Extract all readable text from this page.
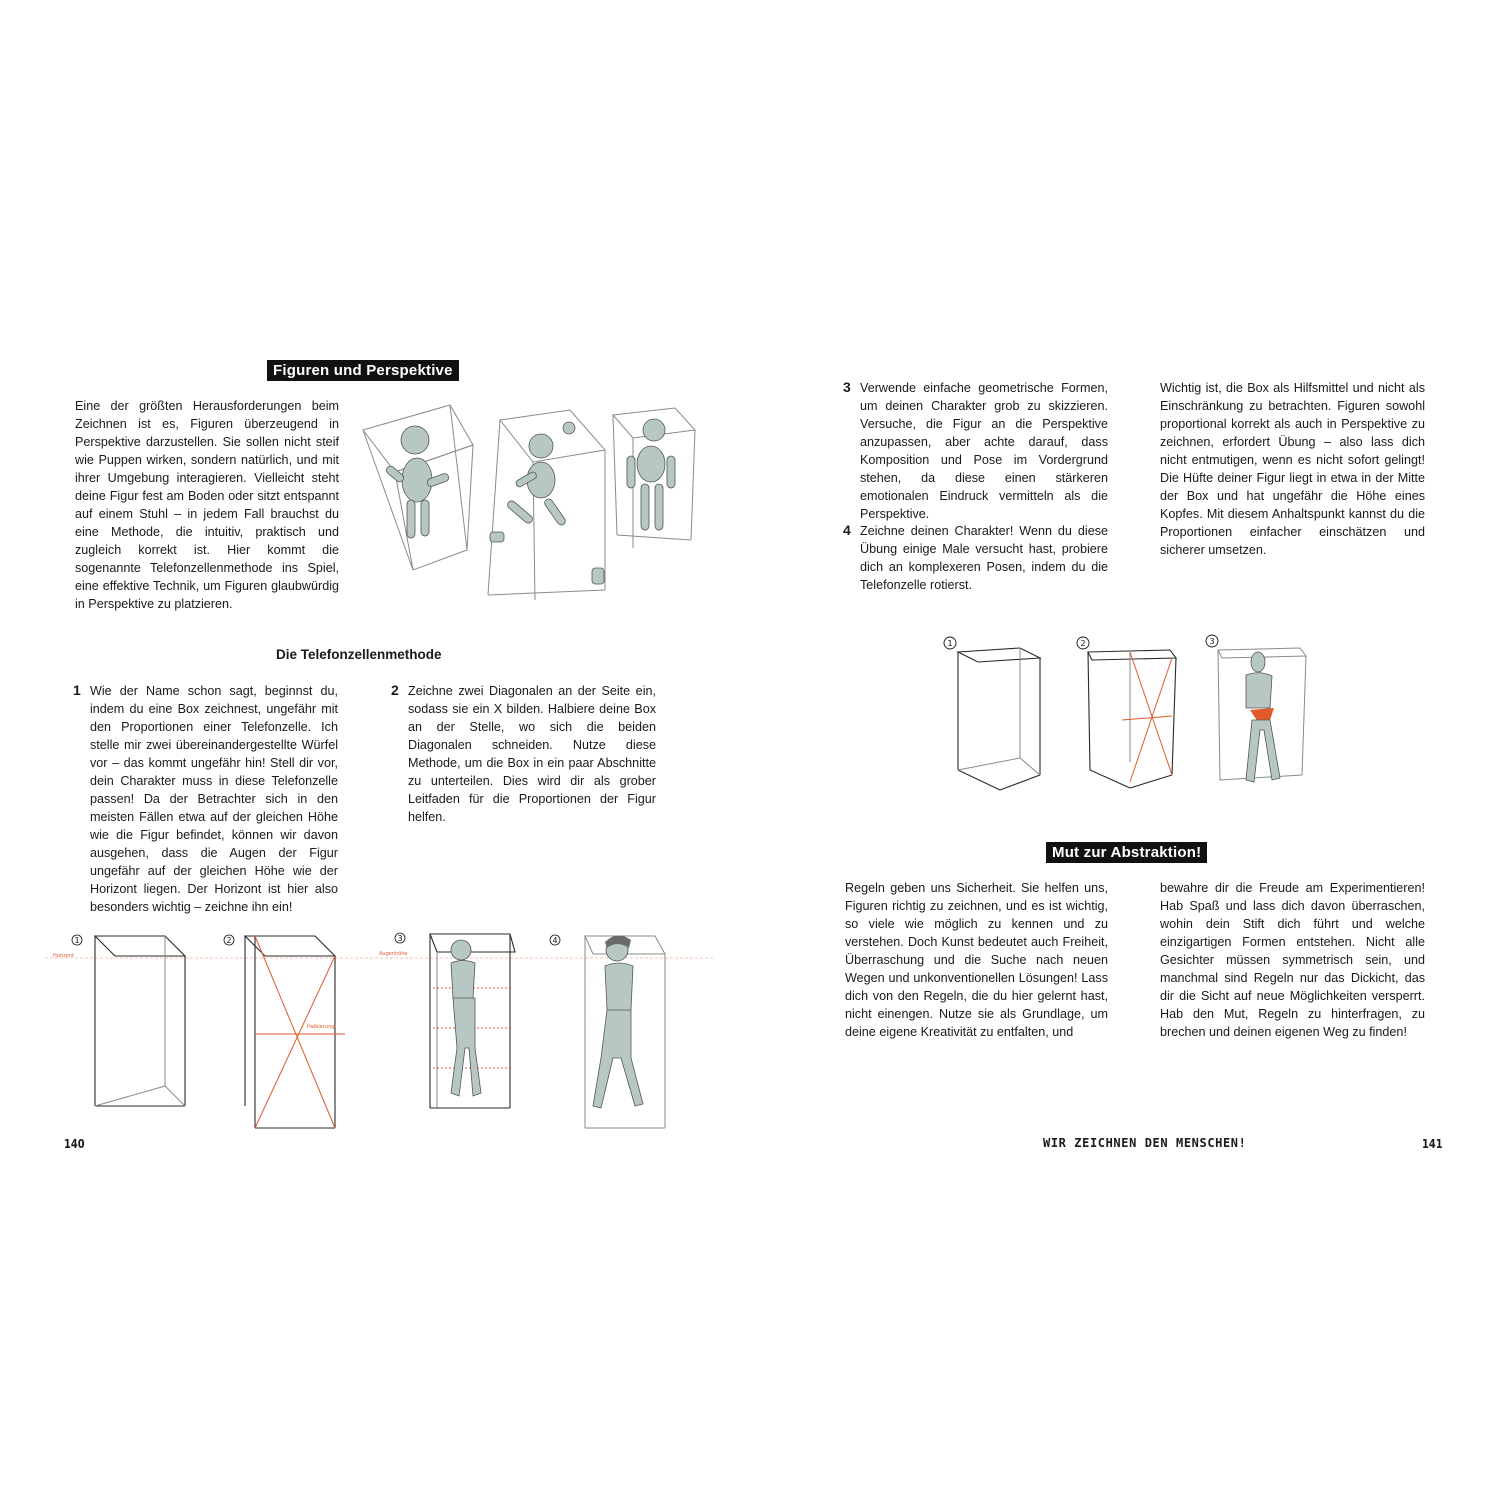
Figuren und Perspektive
Eine der größten Herausforderungen beim Zeichnen ist es, Figuren überzeugend in Perspektive darzustellen. Sie sollen nicht steif wie Puppen wirken, sondern natürlich, und mit ihrer Umgebung interagieren. Vielleicht steht deine Figur fest am Boden oder sitzt entspannt auf einem Stuhl – in jedem Fall brauchst du eine Methode, die intuitiv, praktisch und zugleich korrekt ist. Hier kommt die sogenannte Telefonzellenmethode ins Spiel, eine effektive Technik, um Figuren glaubwürdig in Perspektive zu platzieren.
Die Telefonzellenmethode
1 Wie der Name schon sagt, beginnst du, indem du eine Box zeichnest, ungefähr mit den Proportionen einer Telefonzelle. Ich stelle mir zwei übereinandergestellte Würfel vor – das kommt ungefähr hin! Stell dir vor, dein Charakter muss in diese Telefonzelle passen! Da der Betrachter sich in den meisten Fällen etwa auf der gleichen Höhe wie die Figur befindet, können wir davon ausgehen, dass die Augen der Figur ungefähr auf der gleichen Höhe wie der Horizont liegen. Der Horizont ist hier also besonders wichtig – zeichne ihn ein!
2 Zeichne zwei Diagonalen an der Seite ein, sodass sie ein X bilden. Halbiere deine Box an der Stelle, wo sich die beiden Diagonalen schneiden. Nutze diese Methode, um die Box in ein paar Abschnitte zu unterteilen. Dies wird dir als grober Leitfaden für die Proportionen der Figur helfen.
1
Horizont
2
Halbierung!
3
Augenhöhe
4
140
3 Verwende einfache geometrische Formen, um deinen Charakter grob zu skizzieren. Versuche, die Figur an die Perspektive anzupassen, aber achte darauf, dass Komposition und Pose im Vordergrund stehen, da diese einen stärkeren emotionalen Eindruck vermitteln als die Perspektive.
4 Zeichne deinen Charakter! Wenn du diese Übung einige Male versucht hast, probiere dich an komplexeren Posen, indem du die Telefonzelle rotierst.
Wichtig ist, die Box als Hilfsmittel und nicht als Einschränkung zu betrachten. Figuren sowohl proportional korrekt als auch in Perspektive zu zeichnen, erfordert Übung – also lass dich nicht entmutigen, wenn es nicht sofort gelingt! Die Hüfte deiner Figur liegt in etwa in der Mitte der Box und hat ungefähr die Höhe eines Kopfes. Mit diesem Anhaltspunkt kannst du die Proportionen einfacher einschätzen und sicherer umsetzen.
1	2	3
Mut zur Abstraktion!
Regeln geben uns Sicherheit. Sie helfen uns, Figuren richtig zu zeichnen, und es ist wichtig, so viele wie möglich zu kennen und zu verstehen. Doch Kunst bedeutet auch Freiheit, Überraschung und die Suche nach neuen Wegen und unkonventionellen Lösungen! Lass dich von den Regeln, die du hier gelernt hast, nicht einengen. Nutze sie als Grundlage, um deine eigene Kreativität zu entfalten, und
bewahre dir die Freude am Experimentieren! Hab Spaß und lass dich davon überraschen, wohin dein Stift dich führt und welche einzigartigen Formen entstehen. Nicht alle Gesichter müssen symmetrisch sein, und manchmal sind Regeln nur das Dickicht, das dir die Sicht auf neue Möglichkeiten versperrt. Hab den Mut, Regeln zu hinterfragen, zu brechen und deinen eigenen Weg zu finden!
WIR ZEICHNEN DEN MENSCHEN!	141
